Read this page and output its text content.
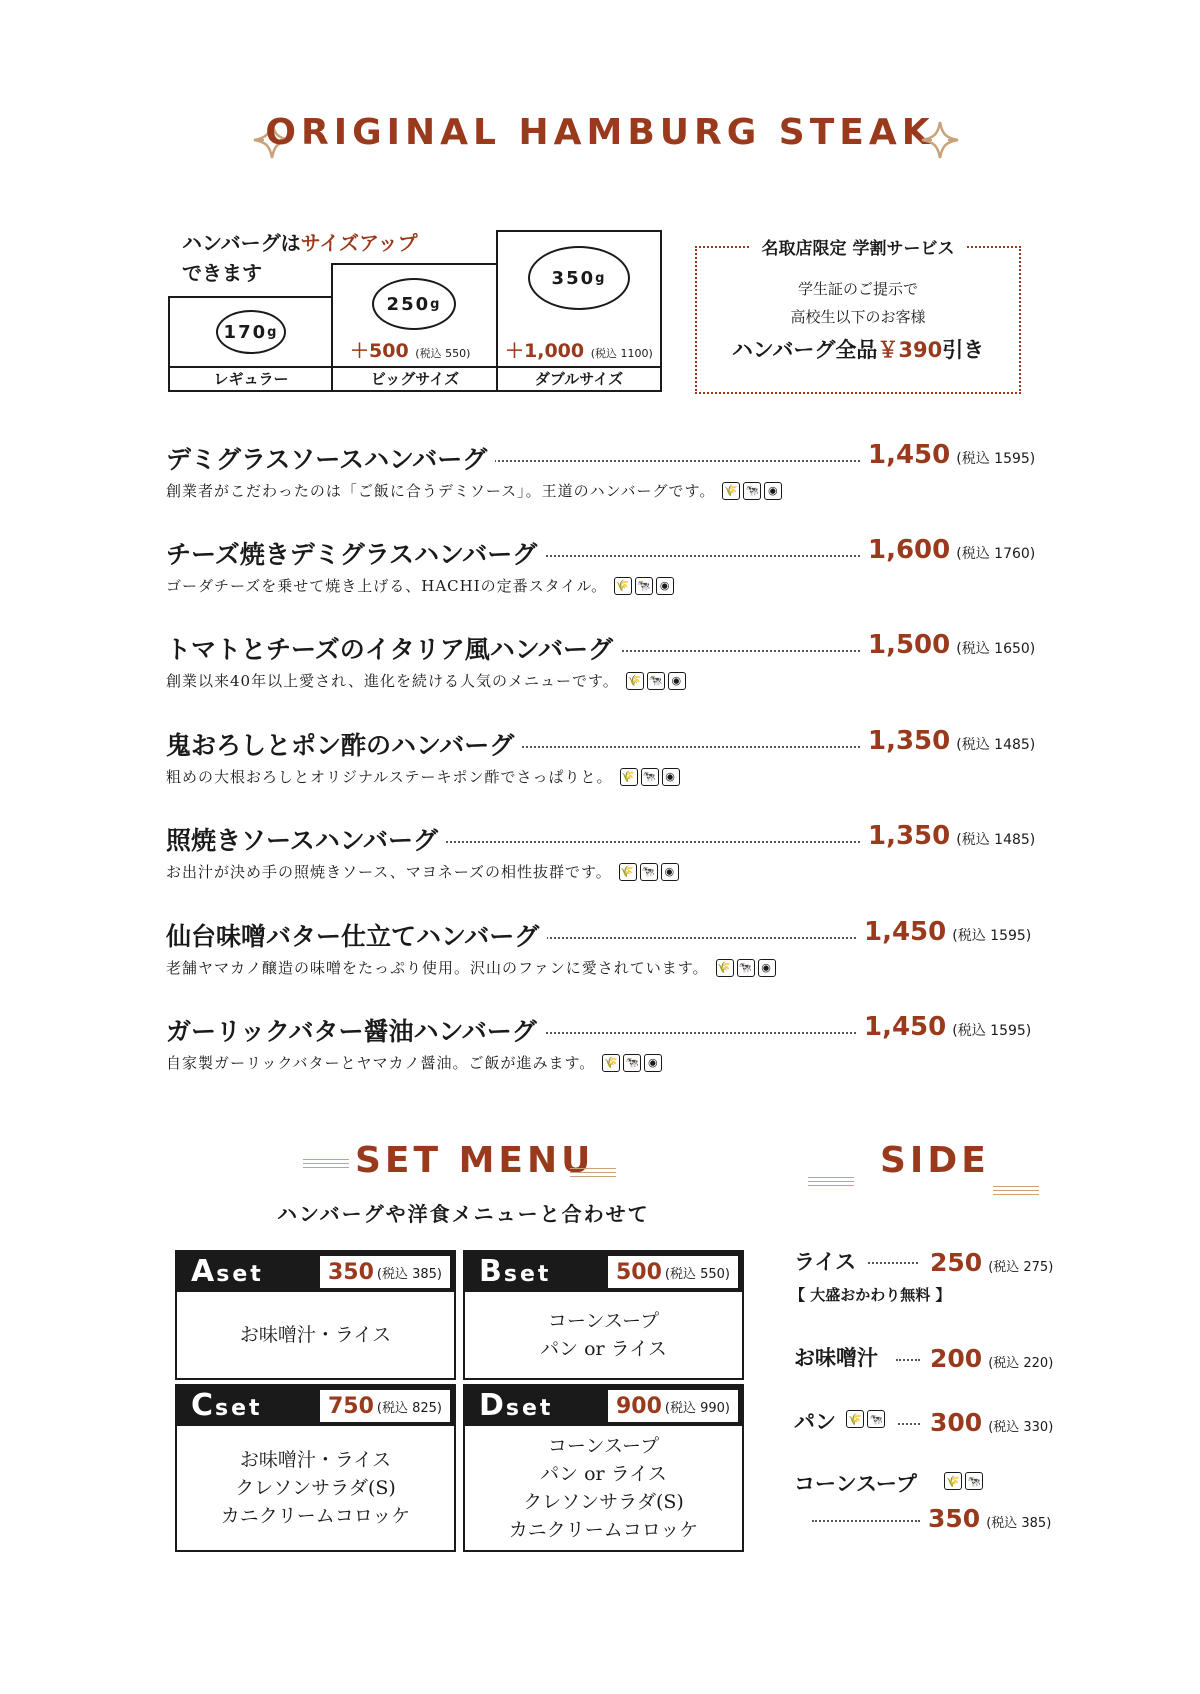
ORIGINAL HAMBURG STEAK
ハンバーグはサイズアップ
できます
170 g
レギュラー
250 g
＋500 (税込 550)
ビッグサイズ
350 g
＋1,000 (税込 1100)
ダブルサイズ
名取店限定 学割サービス
学生証のご提示で
高校生以下のお客様
ハンバーグ全品￥390引き
デミグラスソースハンバーグ	1,450 (税込 1595)
創業者がこだわったのは「ご飯に合うデミソース」。王道のハンバーグです。 🌾 🐄 ◉
チーズ焼きデミグラスハンバーグ	1,600 (税込 1760)
ゴーダチーズを乗せて焼き上げる、HACHIの定番スタイル。 🌾 🐄 ◉
トマトとチーズのイタリア風ハンバーグ	1,500 (税込 1650)
創業以来40年以上愛され、進化を続ける人気のメニューです。 🌾 🐄 ◉
鬼おろしとポン酢のハンバーグ	1,350 (税込 1485)
粗めの大根おろしとオリジナルステーキポン酢でさっぱりと。 🌾 🐄 ◉
照焼きソースハンバーグ	1,350 (税込 1485)
お出汁が決め手の照焼きソース、マヨネーズの相性抜群です。 🌾 🐄 ◉
仙台味噌バター仕立てハンバーグ	1,450 (税込 1595)
老舗ヤマカノ醸造の味噌をたっぷり使用。沢山のファンに愛されています。 🌾 🐄 ◉
ガーリックバター醤油ハンバーグ	1,450 (税込 1595)
自家製ガーリックバターとヤマカノ醤油。ご飯が進みます。 🌾 🐄 ◉
SET MENU
ハンバーグや洋食メニューと合わせて
Aset	350 (税込 385)
お味噌汁・ライス
Bset	500 (税込 550)
コーンスープ
パン or ライス
Cset	750 (税込 825)
お味噌汁・ライス
クレソンサラダ(S)
カニクリームコロッケ
Dset	900 (税込 990)
コーンスープ
パン or ライス
クレソンサラダ(S)
カニクリームコロッケ
SIDE
ライス	250 (税込 275)
【 大盛おかわり無料 】
お味噌汁 200 (税込 220)
パン 🌾 🐄 300 (税込 330)
コーンスープ	🌾 🐄
350 (税込 385)
